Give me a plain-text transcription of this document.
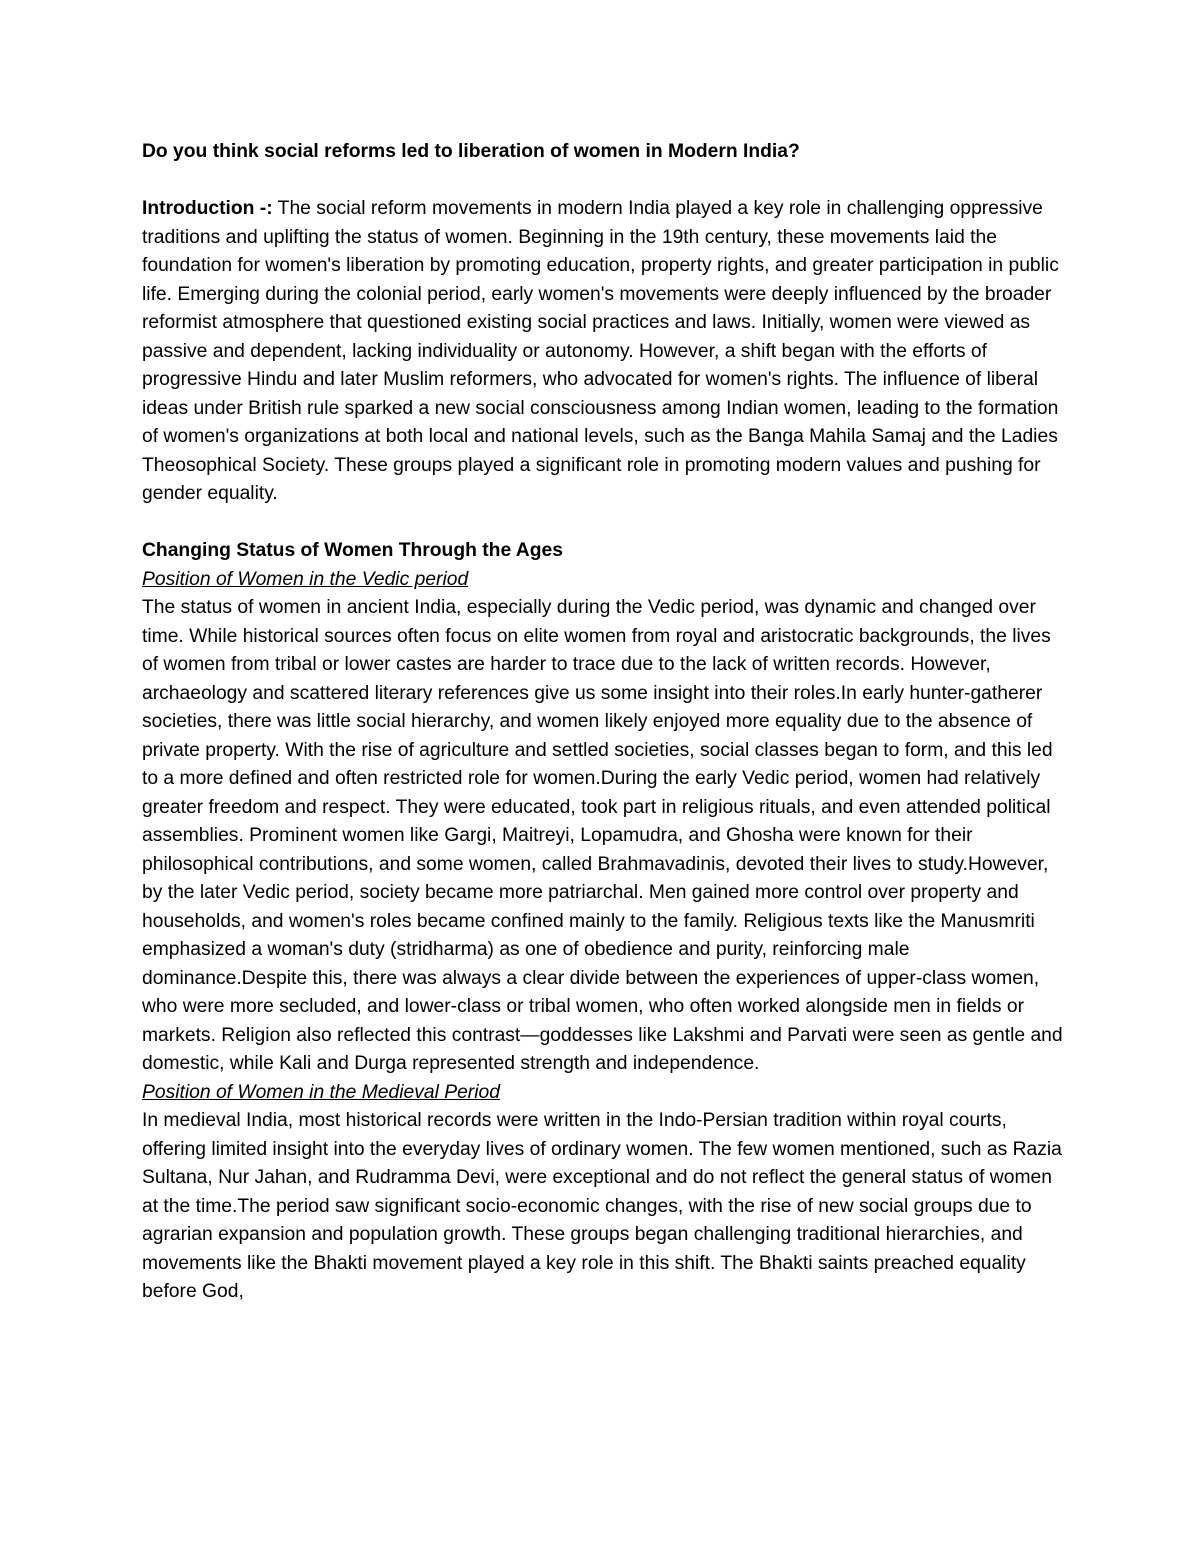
Do you think social reforms led to liberation of women in Modern India?

Introduction -: The social reform movements in modern India played a key role in challenging oppressive traditions and uplifting the status of women. Beginning in the 19th century, these movements laid the foundation for women's liberation by promoting education, property rights, and greater participation in public life. Emerging during the colonial period, early women's movements were deeply influenced by the broader reformist atmosphere that questioned existing social practices and laws. Initially, women were viewed as passive and dependent, lacking individuality or autonomy. However, a shift began with the efforts of progressive Hindu and later Muslim reformers, who advocated for women's rights. The influence of liberal ideas under British rule sparked a new social consciousness among Indian women, leading to the formation of women's organizations at both local and national levels, such as the Banga Mahila Samaj and the Ladies Theosophical Society. These groups played a significant role in promoting modern values and pushing for gender equality.

Changing Status of Women Through the Ages

Position of Women in the Vedic period

The status of women in ancient India, especially during the Vedic period, was dynamic and changed over time. While historical sources often focus on elite women from royal and aristocratic backgrounds, the lives of women from tribal or lower castes are harder to trace due to the lack of written records. However, archaeology and scattered literary references give us some insight into their roles.In early hunter-gatherer societies, there was little social hierarchy, and women likely enjoyed more equality due to the absence of private property. With the rise of agriculture and settled societies, social classes began to form, and this led to a more defined and often restricted role for women.During the early Vedic period, women had relatively greater freedom and respect. They were educated, took part in religious rituals, and even attended political assemblies. Prominent women like Gargi, Maitreyi, Lopamudra, and Ghosha were known for their philosophical contributions, and some women, called Brahmavadinis, devoted their lives to study.However, by the later Vedic period, society became more patriarchal. Men gained more control over property and households, and women's roles became confined mainly to the family. Religious texts like the Manusmriti emphasized a woman's duty (stridharma) as one of obedience and purity, reinforcing male dominance.Despite this, there was always a clear divide between the experiences of upper-class women, who were more secluded, and lower-class or tribal women, who often worked alongside men in fields or markets. Religion also reflected this contrast—goddesses like Lakshmi and Parvati were seen as gentle and domestic, while Kali and Durga represented strength and independence.

Position of Women in the Medieval Period

In medieval India, most historical records were written in the Indo-Persian tradition within royal courts, offering limited insight into the everyday lives of ordinary women. The few women mentioned, such as Razia Sultana, Nur Jahan, and Rudramma Devi, were exceptional and do not reflect the general status of women at the time.The period saw significant socio-economic changes, with the rise of new social groups due to agrarian expansion and population growth. These groups began challenging traditional hierarchies, and movements like the Bhakti movement played a key role in this shift. The Bhakti saints preached equality before God,
